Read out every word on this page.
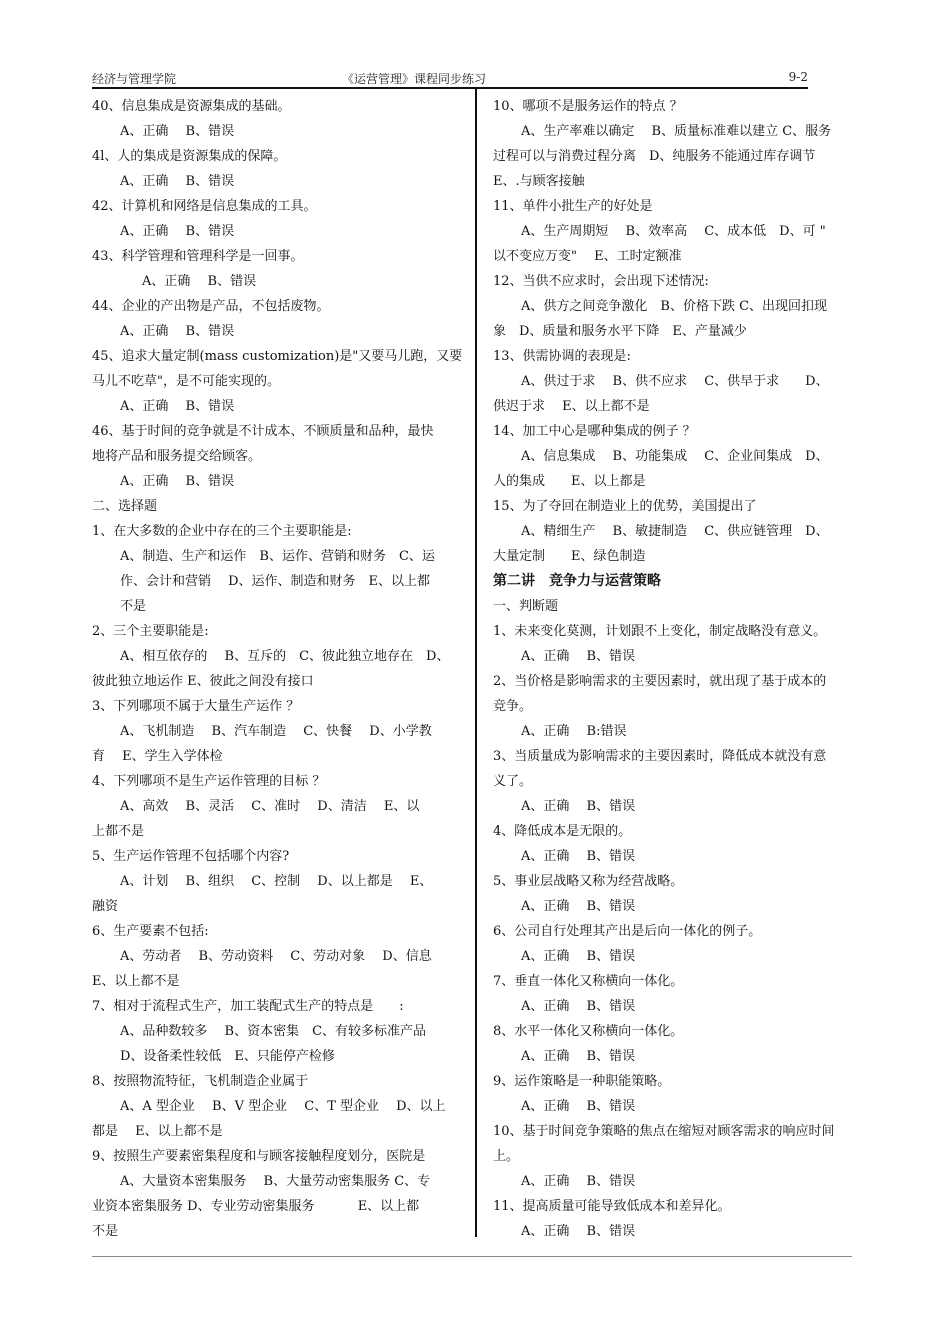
经济与管理学院	《运营管理》课程同步练习	9-2
40、信息集成是资源集成的基础。
A、正确　 B、错误
4l、人的集成是资源集成的保障。
A、正确　 B、错误
42、计算机和网络是信息集成的工具。
A、正确　 B、错误
43、科学管理和管理科学是一回事。
A、正确　 B、错误
44、企业的产出物是产品，不包括废物。
A、正确　 B、错误
45、追求大量定制(mass customization)是"又要马儿跑，又要
马儿不吃草"，是不可能实现的。
A、正确　 B、错误
46、基于时间的竞争就是不计成本、不顾质量和品种，最快
地将产品和服务提交给顾客。
A、正确　 B、错误
二、选择题
1、在大多数的企业中存在的三个主要职能是:
A、制造、生产和运作　B、运作、营销和财务　C、运
作、会计和营销　 D、运作、制造和财务　E、以上都
不是
2、三个主要职能是:
A、相互依存的　 B、互斥的　C、彼此独立地存在　D、
彼此独立地运作 E、彼此之间没有接口
3、下列哪项不属于大量生产运作 ？
A、飞机制造　 B、汽车制造　 C、快餐　 D、小学教
育　 E、学生入学体检
4、下列哪项不是生产运作管理的目标 ？
A、高效　 B、灵活　 C、准时　 D、清洁　 E、以
上都不是
5、生产运作管理不包括哪个内容?
A、计划　 B、组织　 C、控制　 D、以上都是　 E、
融资
6、生产要素不包括:
A、劳动者　 B、劳动资料　 C、劳动对象　 D、信息
E、以上都不是
7、相对于流程式生产，加工装配式生产的特点是　　:
A、品种数较多　 B、资本密集　C、有较多标准产品
D、设备柔性较低　E、只能停产检修
8、按照物流特征，飞机制造企业属于
A、A 型企业　 B、V 型企业　 C、T 型企业　 D、以上
都是　 E、以上都不是
9、按照生产要素密集程度和与顾客接触程度划分，医院是
A、大量资本密集服务　 B、大量劳动密集服务 C、专
业资本密集服务 D、专业劳动密集服务　　　 E、以上都
不是
10、哪项不是服务运作的特点 ？
A、生产率难以确定　 B、质量标准难以建立 C、服务
过程可以与消费过程分离　D、纯服务不能通过库存调节
E、.与顾客接触
11、单件小批生产的好处是
A、生产周期短　 B、效率高　 C、成本低　D、可 "
以不变应万变"　 E、工时定额准
12、当供不应求时，会出现下述情况:
A、供方之间竞争激化　B、价格下跌 C、出现回扣现
象　D、质量和服务水平下降　E、产量减少
13、供需协调的表现是:
A、供过于求　 B、供不应求　 C、供早于求　　D、
供迟于求　 E、以上都不是
14、加工中心是哪种集成的例子 ？
A、信息集成　 B、功能集成　 C、企业间集成　D、
人的集成　　E、以上都是
15、为了夺回在制造业上的优势，美国提出了
A、精细生产　 B、敏捷制造　 C、供应链管理　D、
大量定制　　E、绿色制造
第二讲　竞争力与运营策略
一、判断题
1、未来变化莫测，计划跟不上变化，制定战略没有意义。
A、正确　 B、错误
2、当价格是影响需求的主要因素时，就出现了基于成本的
竞争。
A、正确　 B:错误
3、当质量成为影响需求的主要因素时，降低成本就没有意
义了。
A、正确　 B、错误
4、降低成本是无限的。
A、正确　 B、错误
5、事业层战略又称为经营战略。
A、正确　 B、错误
6、公司自行处理其产出是后向一体化的例子。
A、正确　 B、错误
7、垂直一体化又称横向一体化。
A、正确　 B、错误
8、水平一体化又称横向一体化。
A、正确　 B、错误
9、运作策略是一种职能策略。
A、正确　 B、错误
10、基于时间竞争策略的焦点在缩短对顾客需求的响应时间
上。
A、正确　 B、错误
11、提高质量可能导致低成本和差异化。
A、正确　 B、错误
